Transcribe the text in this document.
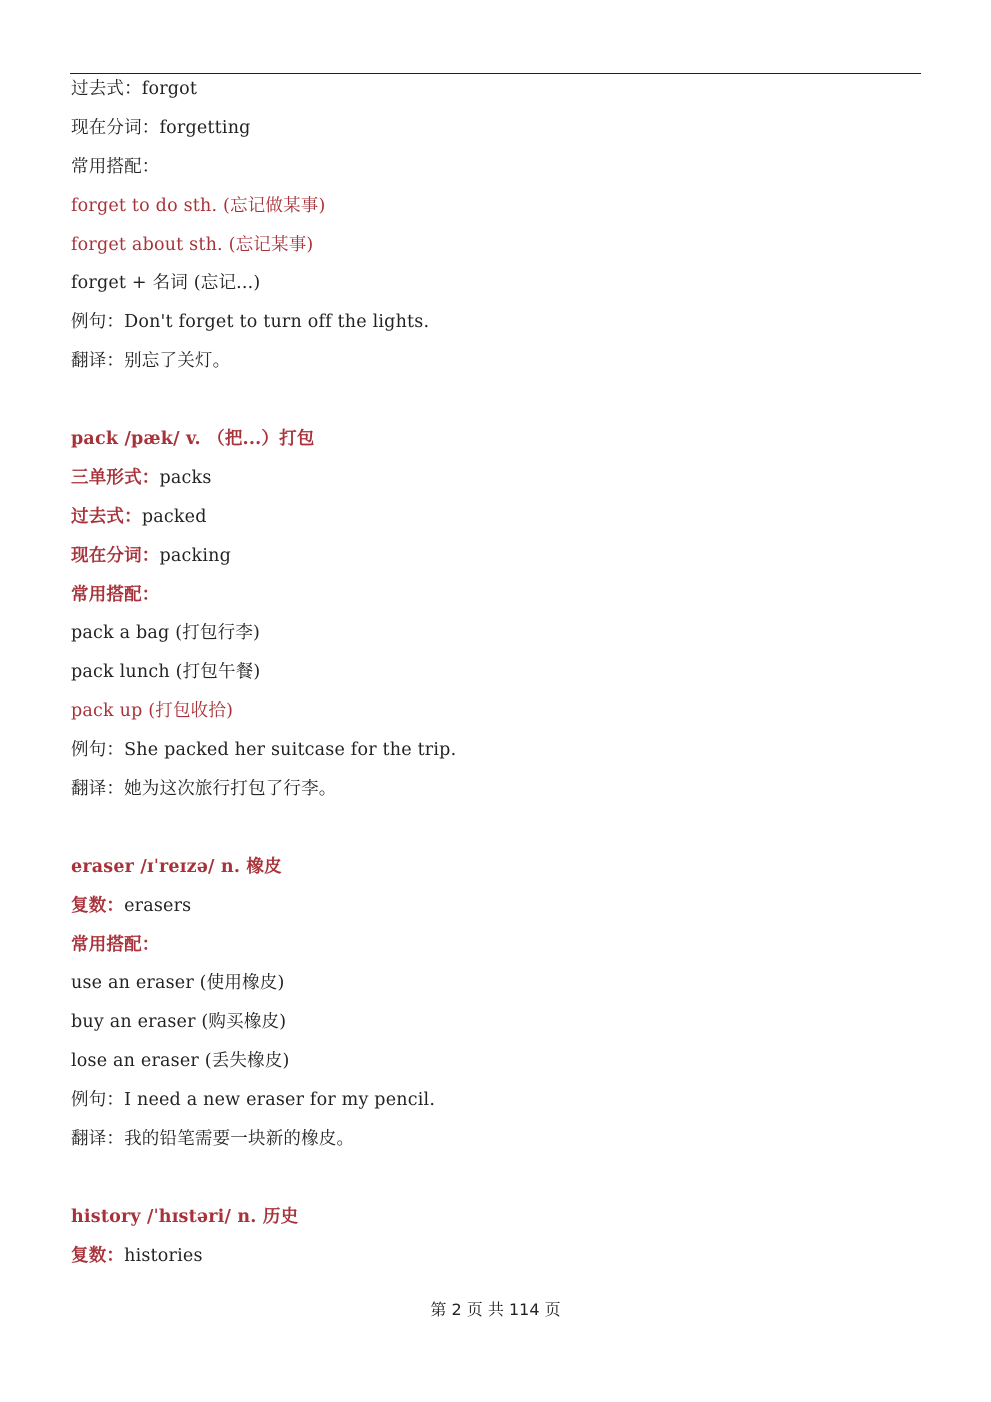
过去式：forgot
现在分词：forgetting
常用搭配：
forget to do sth. (忘记做某事)
forget about sth. (忘记某事)
forget + 名词 (忘记...)
例句：Don't forget to turn off the lights.
翻译：别忘了关灯。
pack /pæk/ v. （把...）打包
三单形式：packs
过去式：packed
现在分词：packing
常用搭配：
pack a bag (打包行李)
pack lunch (打包午餐)
pack up (打包收拾)
例句：She packed her suitcase for the trip.
翻译：她为这次旅行打包了行李。
eraser /ɪˈreɪzə/ n. 橡皮
复数：erasers
常用搭配：
use an eraser (使用橡皮)
buy an eraser (购买橡皮)
lose an eraser (丢失橡皮)
例句：I need a new eraser for my pencil.
翻译：我的铅笔需要一块新的橡皮。
history /ˈhɪstəri/ n. 历史
复数：histories
第 2 页 共 114 页
